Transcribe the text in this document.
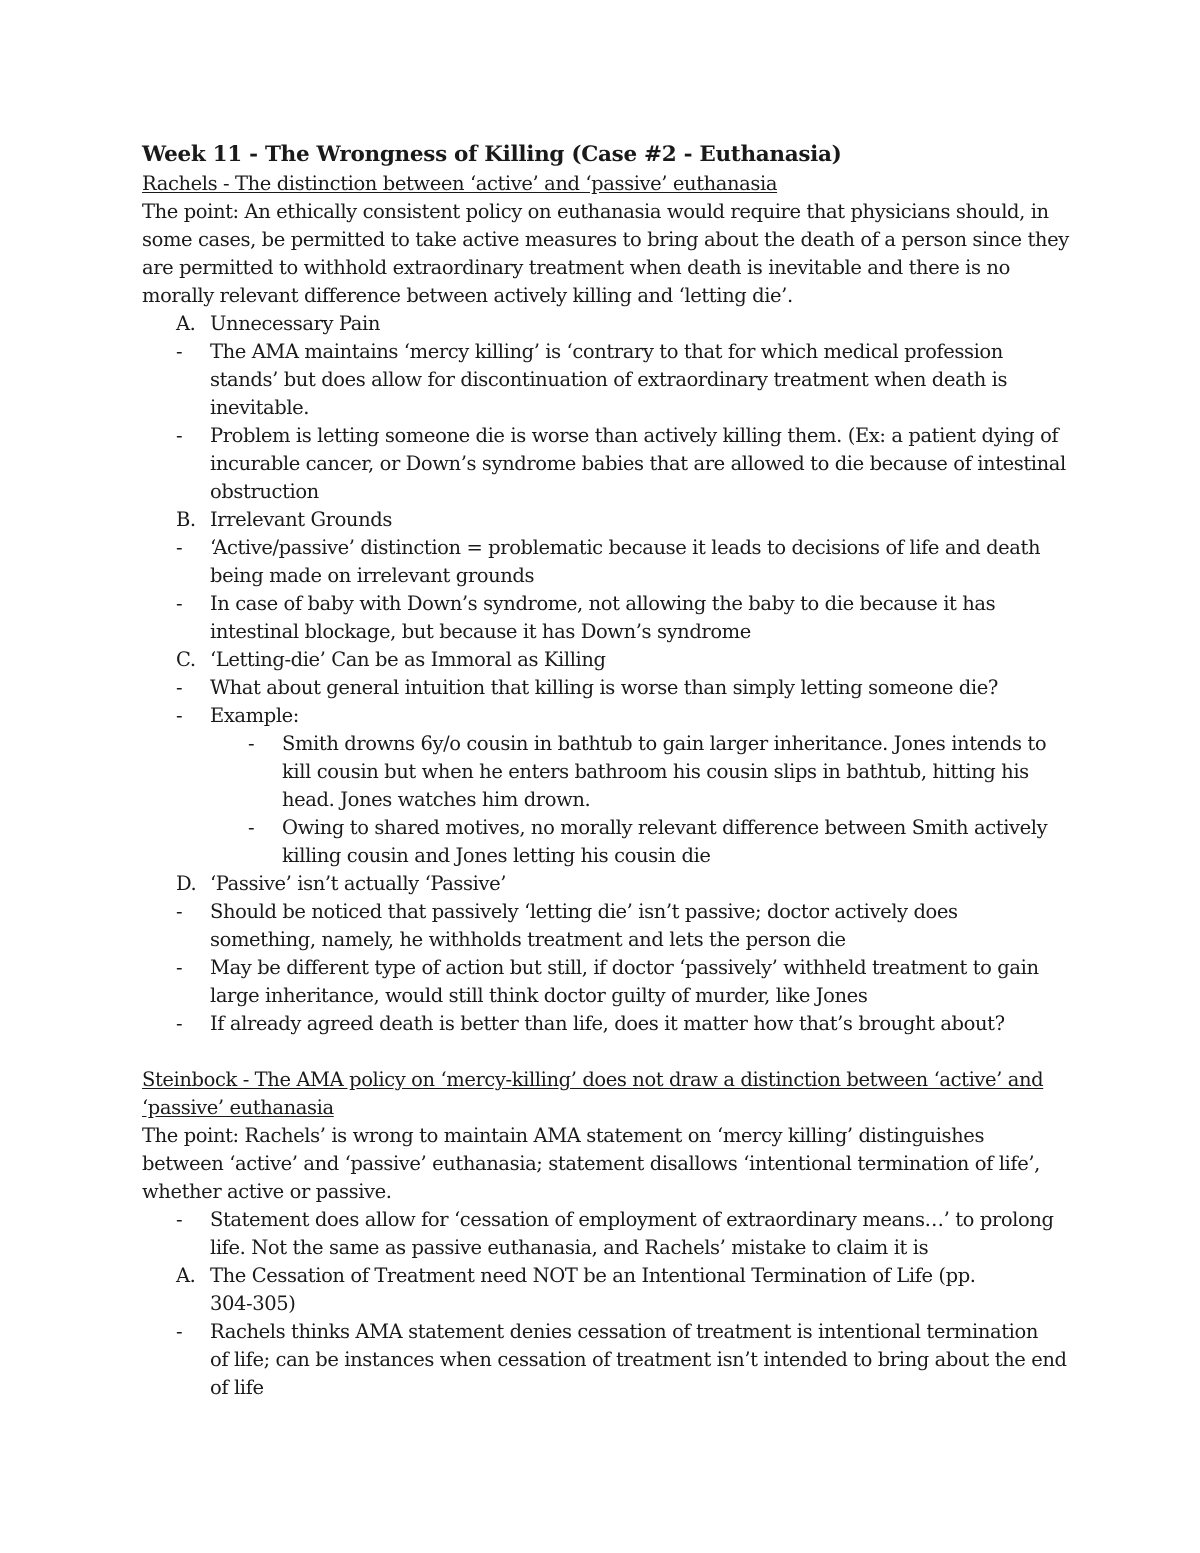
Week 11 - The Wrongness of Killing (Case #2 - Euthanasia)
Rachels - The distinction between ‘active’ and ‘passive’ euthanasia
The point: An ethically consistent policy on euthanasia would require that physicians should, in
some cases, be permitted to take active measures to bring about the death of a person since they
are permitted to withhold extraordinary treatment when death is inevitable and there is no
morally relevant difference between actively killing and ‘letting die’.
A. Unnecessary Pain
- The AMA maintains ‘mercy killing’ is ‘contrary to that for which medical profession
stands’ but does allow for discontinuation of extraordinary treatment when death is
inevitable.
- Problem is letting someone die is worse than actively killing them. (Ex: a patient dying of
incurable cancer, or Down’s syndrome babies that are allowed to die because of intestinal
obstruction
B. Irrelevant Grounds
- ‘Active/passive’ distinction = problematic because it leads to decisions of life and death
being made on irrelevant grounds
- In case of baby with Down’s syndrome, not allowing the baby to die because it has
intestinal blockage, but because it has Down’s syndrome
C. ‘Letting-die’ Can be as Immoral as Killing
- What about general intuition that killing is worse than simply letting someone die?
- Example:
- Smith drowns 6y/o cousin in bathtub to gain larger inheritance. Jones intends to
kill cousin but when he enters bathroom his cousin slips in bathtub, hitting his
head. Jones watches him drown.
- Owing to shared motives, no morally relevant difference between Smith actively
killing cousin and Jones letting his cousin die
D. ‘Passive’ isn’t actually ‘Passive’
- Should be noticed that passively ‘letting die’ isn’t passive; doctor actively does
something, namely, he withholds treatment and lets the person die
- May be different type of action but still, if doctor ‘passively’ withheld treatment to gain
large inheritance, would still think doctor guilty of murder, like Jones
- If already agreed death is better than life, does it matter how that’s brought about?
Steinbock - The AMA policy on ‘mercy-killing’ does not draw a distinction between ‘active’ and
‘passive’ euthanasia
The point: Rachels’ is wrong to maintain AMA statement on ‘mercy killing’ distinguishes
between ‘active’ and ‘passive’ euthanasia; statement disallows ‘intentional termination of life’,
whether active or passive.
- Statement does allow for ‘cessation of employment of extraordinary means…’ to prolong
life. Not the same as passive euthanasia, and Rachels’ mistake to claim it is
A. The Cessation of Treatment need NOT be an Intentional Termination of Life (pp.
304-305)
- Rachels thinks AMA statement denies cessation of treatment is intentional termination
of life; can be instances when cessation of treatment isn’t intended to bring about the end
of life
